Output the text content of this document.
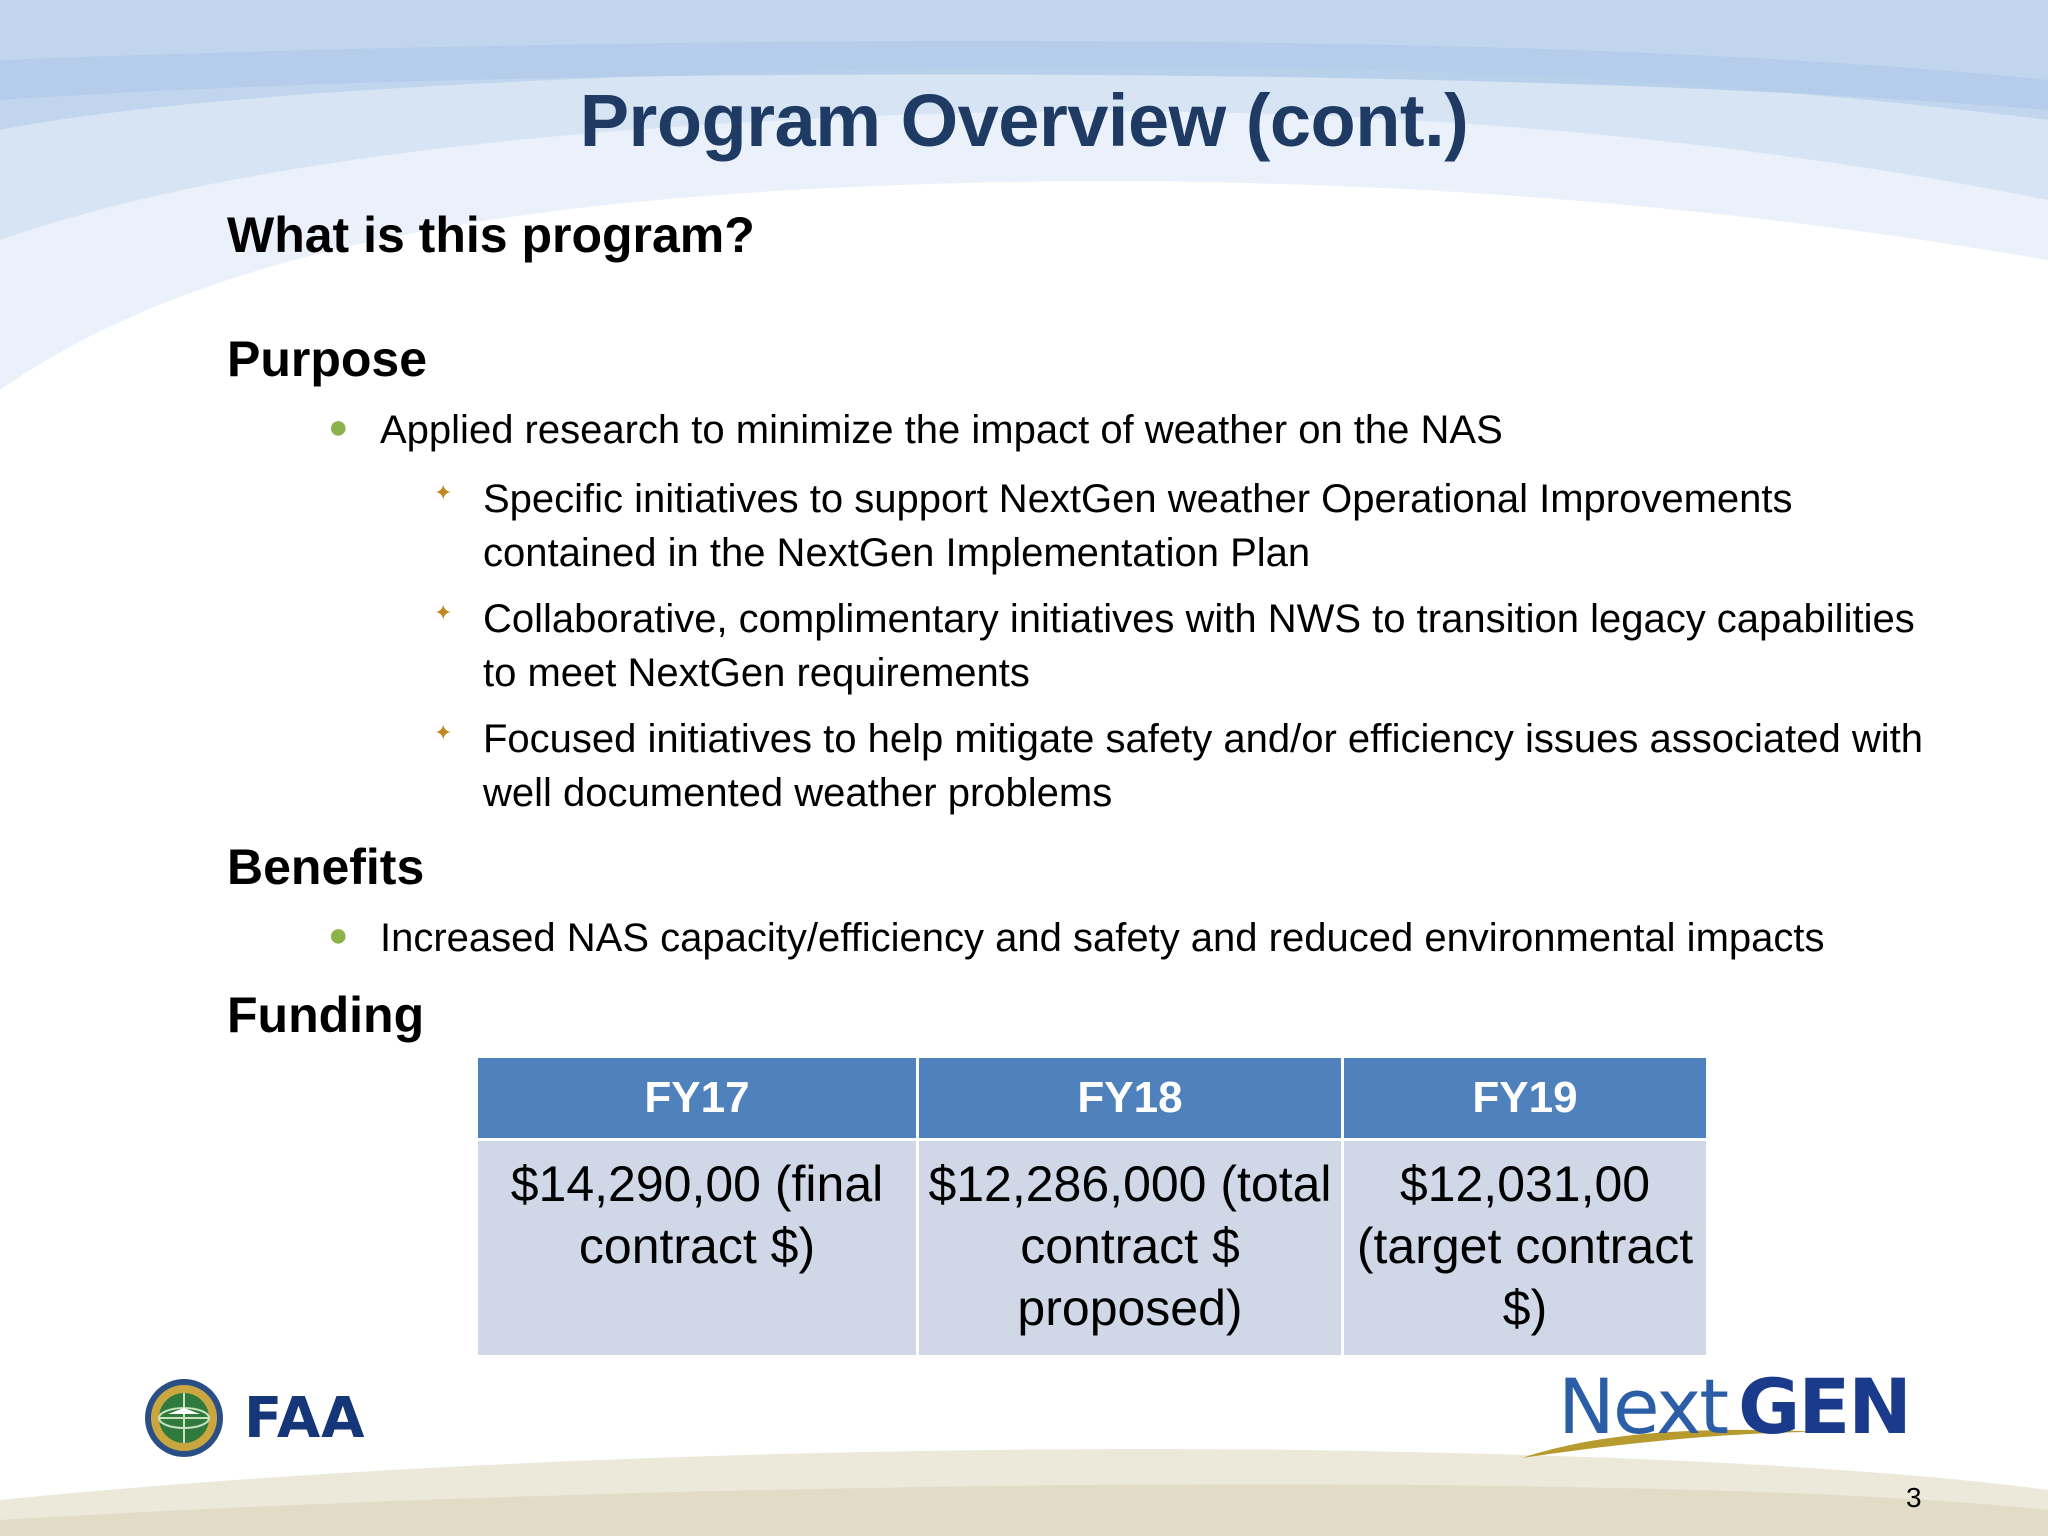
Program Overview (cont.)
What is this program?
Purpose
● Applied research to minimize the impact of weather on the NAS
✦ Specific initiatives to support NextGen weather Operational Improvements contained in the NextGen Implementation Plan
✦ Collaborative, complimentary initiatives with NWS to transition legacy capabilities to meet NextGen requirements
✦ Focused initiatives to help mitigate safety and/or efficiency issues associated with well documented weather problems
Benefits
● Increased NAS capacity/efficiency and safety and reduced environmental impacts
Funding
FY17	FY18	FY19
$14,290,00 (final contract $)	$12,286,000 (total contract $ proposed)	$12,031,00 (target contract $)
FAA	Next GEN
3
